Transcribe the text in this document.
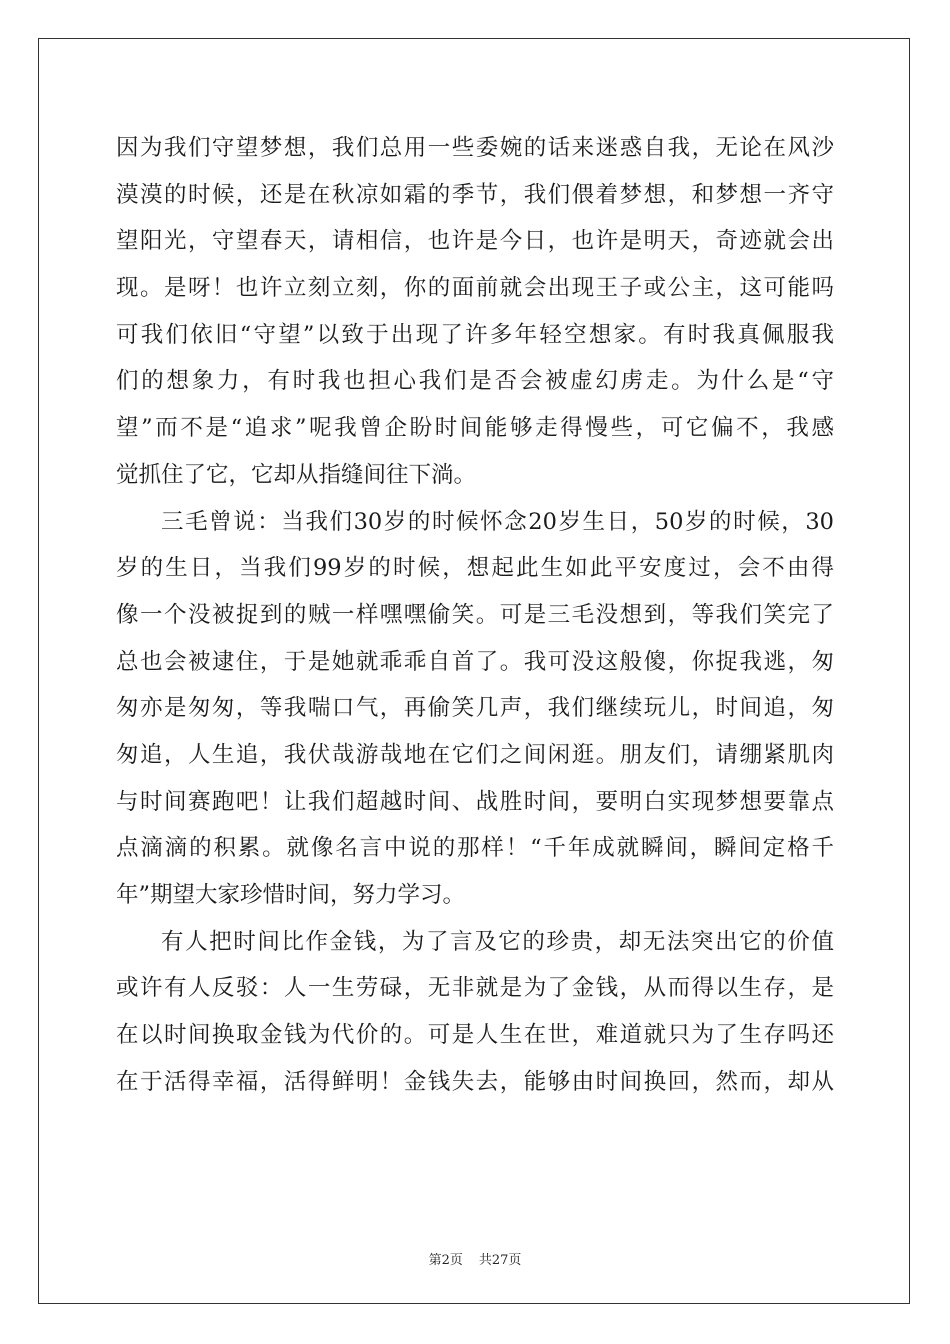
因为我们守望梦想，我们总用一些委婉的话来迷惑自我，无论在风沙
漠漠的时候，还是在秋凉如霜的季节，我们偎着梦想，和梦想一齐守
望阳光，守望春天，请相信，也许是今日，也许是明天，奇迹就会出
现。是呀！也许立刻立刻，你的面前就会出现王子或公主，这可能吗
可我们依旧“守望”以致于出现了许多年轻空想家。有时我真佩服我
们的想象力，有时我也担心我们是否会被虚幻虏走。为什么是“守
望”而不是“追求”呢我曾企盼时间能够走得慢些，可它偏不，我感
觉抓住了它，它却从指缝间往下淌。
三毛曾说：当我们30岁的时候怀念20岁生日，50岁的时候，30
岁的生日，当我们99岁的时候，想起此生如此平安度过，会不由得
像一个没被捉到的贼一样嘿嘿偷笑。可是三毛没想到，等我们笑完了
总也会被逮住，于是她就乖乖自首了。我可没这般傻，你捉我逃，匆
匆亦是匆匆，等我喘口气，再偷笑几声，我们继续玩儿，时间追，匆
匆追，人生追，我伏哉游哉地在它们之间闲逛。朋友们，请绷紧肌肉
与时间赛跑吧！让我们超越时间、战胜时间，要明白实现梦想要靠点
点滴滴的积累。就像名言中说的那样！“千年成就瞬间，瞬间定格千
年”期望大家珍惜时间，努力学习。
有人把时间比作金钱，为了言及它的珍贵，却无法突出它的价值
或许有人反驳：人一生劳碌，无非就是为了金钱，从而得以生存，是
在以时间换取金钱为代价的。可是人生在世，难道就只为了生存吗还
在于活得幸福，活得鲜明！金钱失去，能够由时间换回，然而，却从
第2页 共27页
